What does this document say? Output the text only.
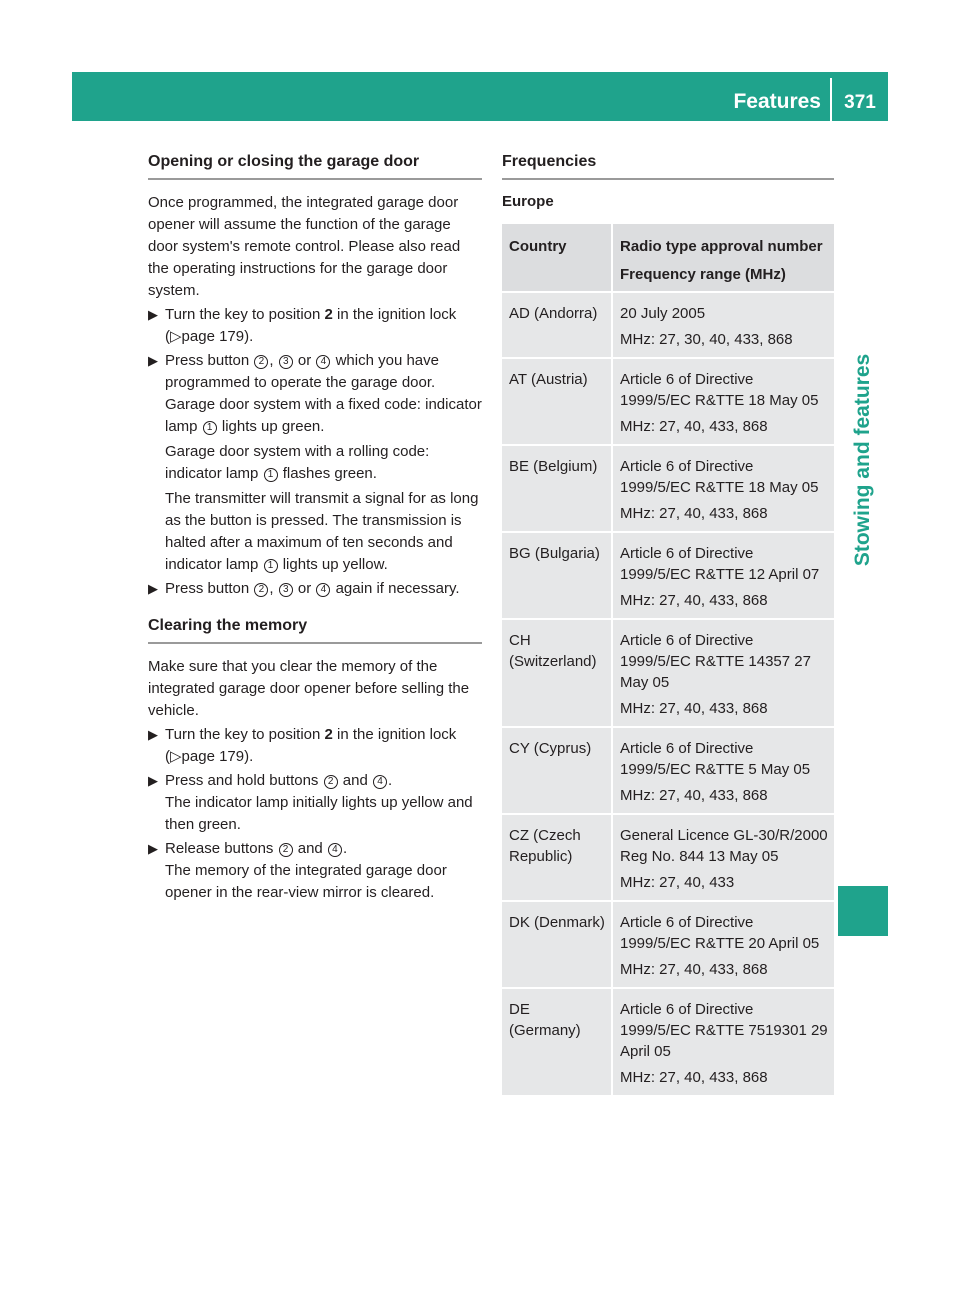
Features	371
Stowing and features
Opening or closing the garage door

Once programmed, the integrated garage door opener will assume the function of the garage door system's remote control. Please also read the operating instructions for the garage door system.

▶ Turn the key to position 2 in the ignition lock (▷page 179).
▶ Press button 2 , 3 or 4 which you have programmed to operate the garage door.
Garage door system with a fixed code: indicator lamp 1 lights up green.
Garage door system with a rolling code: indicator lamp 1 flashes green.
The transmitter will transmit a signal for as long as the button is pressed. The transmission is halted after a maximum of ten seconds and indicator lamp 1 lights up yellow.
▶ Press button 2 , 3 or 4 again if necessary.
Clearing the memory

Make sure that you clear the memory of the integrated garage door opener before selling the vehicle.

▶ Turn the key to position 2 in the ignition lock (▷page 179).
▶ Press and hold buttons 2 and 4 .
The indicator lamp initially lights up yellow and then green.
▶ Release buttons 2 and 4 .
The memory of the integrated garage door opener in the rear-view mirror is cleared.
Frequencies
Europe
Country	Radio type approval number
Frequency range (MHz)

AD (Andorra)	20 July 2005
MHz: 27, 30, 40, 433, 868

AT (Austria)	Article 6 of Directive 1999/5/EC R&TTE 18 May 05
MHz: 27, 40, 433, 868

BE (Belgium)	Article 6 of Directive 1999/5/EC R&TTE 18 May 05
MHz: 27, 40, 433, 868

BG (Bulgaria)	Article 6 of Directive 1999/5/EC R&TTE 12 April 07
MHz: 27, 40, 433, 868

CH (Switzerland)	Article 6 of Directive 1999/5/EC R&TTE 14357 27 May 05
MHz: 27, 40, 433, 868

CY (Cyprus)	Article 6 of Directive 1999/5/EC R&TTE 5 May 05
MHz: 27, 40, 433, 868

CZ (Czech Republic)	General Licence GL-30/R/2000 Reg No. 844 13 May 05
MHz: 27, 40, 433

DK (Denmark)	Article 6 of Directive 1999/5/EC R&TTE 20 April 05
MHz: 27, 40, 433, 868

DE (Germany)	Article 6 of Directive 1999/5/EC R&TTE 7519301 29 April 05
MHz: 27, 40, 433, 868
